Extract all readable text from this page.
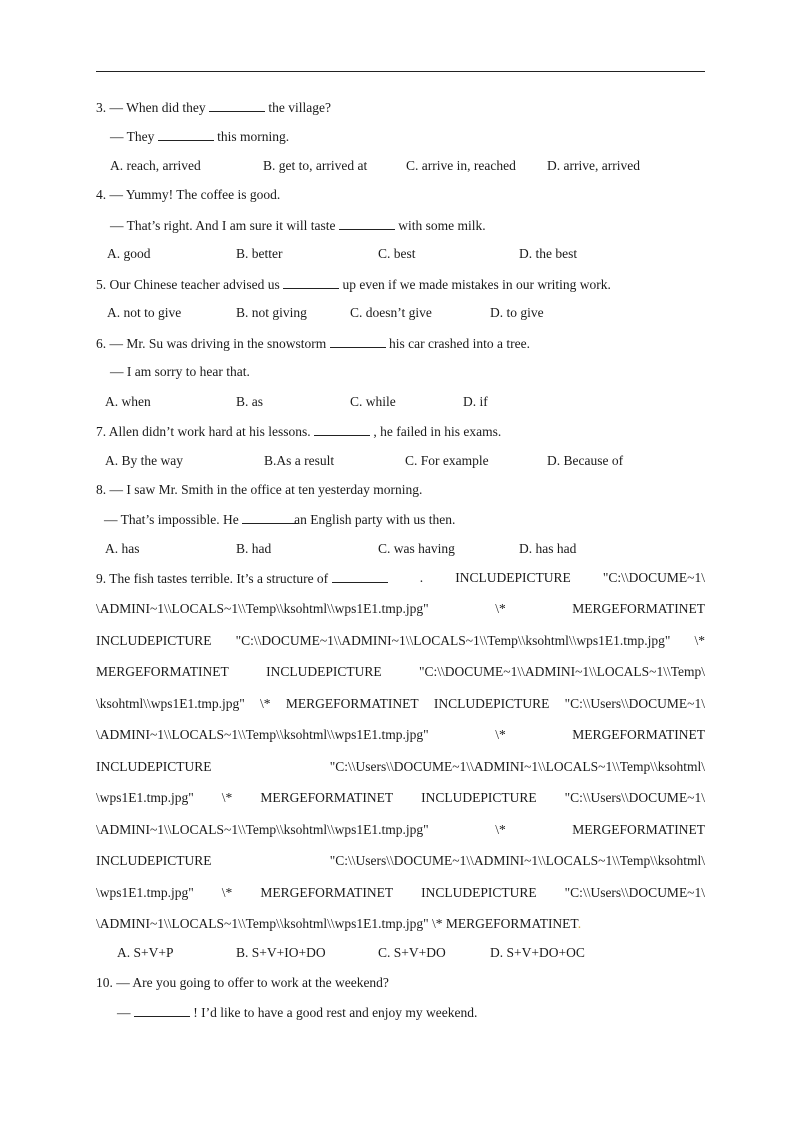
3. — When did they	the village?
— They	this morning.
A. reach, arrived	B. get to, arrived at	C. arrive in, reached D. arrive, arrived
4. — Yummy! The coffee is good.
— That’s right. And I am sure it will taste	with some milk.
A. good	B. better	C. best	D. the best
5. Our Chinese teacher advised us	up even if we made mistakes in our writing work.
A. not to give	B. not giving	C. doesn’t give	D. to give
6. — Mr. Su was driving in the snowstorm	his car crashed into a tree.
— I am sorry to hear that.
A. when	B. as	C. while	D. if
7. Allen didn’t work hard at his lessons.	, he failed in his exams.
A. By the way	B.As a result	C. For example	D. Because of
8. — I saw Mr. Smith in the office at ten yesterday morning.
— That’s impossible. He	an English party with us then.
A. has	B. had	C. was having	D. has had
9. The fish tastes terrible. It’s a structure of	. INCLUDEPICTURE "C:\\DOCUME~1\
\ADMINI~1\\LOCALS~1\\Temp\\ksohtml\\wps1E1.tmp.jpg"	\*	MERGEFORMATINET
INCLUDEPICTURE "C:\\DOCUME~1\\ADMINI~1\\LOCALS~1\\Temp\\ksohtml\\wps1E1.tmp.jpg" \*
MERGEFORMATINET	INCLUDEPICTURE	"C:\\DOCUME~1\\ADMINI~1\\LOCALS~1\\Temp\
\ksohtml\\wps1E1.tmp.jpg" \* MERGEFORMATINET INCLUDEPICTURE "C:\\Users\\DOCUME~1\
\ADMINI~1\\LOCALS~1\\Temp\\ksohtml\\wps1E1.tmp.jpg"	\*	MERGEFORMATINET
INCLUDEPICTURE	"C:\\Users\\DOCUME~1\\ADMINI~1\\LOCALS~1\\Temp\\ksohtml\
\wps1E1.tmp.jpg" \* MERGEFORMATINET INCLUDEPICTURE "C:\\Users\\DOCUME~1\
\ADMINI~1\\LOCALS~1\\Temp\\ksohtml\\wps1E1.tmp.jpg"	\*	MERGEFORMATINET
INCLUDEPICTURE	"C:\\Users\\DOCUME~1\\ADMINI~1\\LOCALS~1\\Temp\\ksohtml\
\wps1E1.tmp.jpg" \* MERGEFORMATINET INCLUDEPICTURE "C:\\Users\\DOCUME~1\
\ADMINI~1\\LOCALS~1\\Temp\\ksohtml\\wps1E1.tmp.jpg" \* MERGEFORMATINET.
A. S+V+P	B. S+V+IO+DO	C. S+V+DO	D. S+V+DO+OC
10. — Are you going to offer to work at the weekend?
—	! I’d like to have a good rest and enjoy my weekend.
